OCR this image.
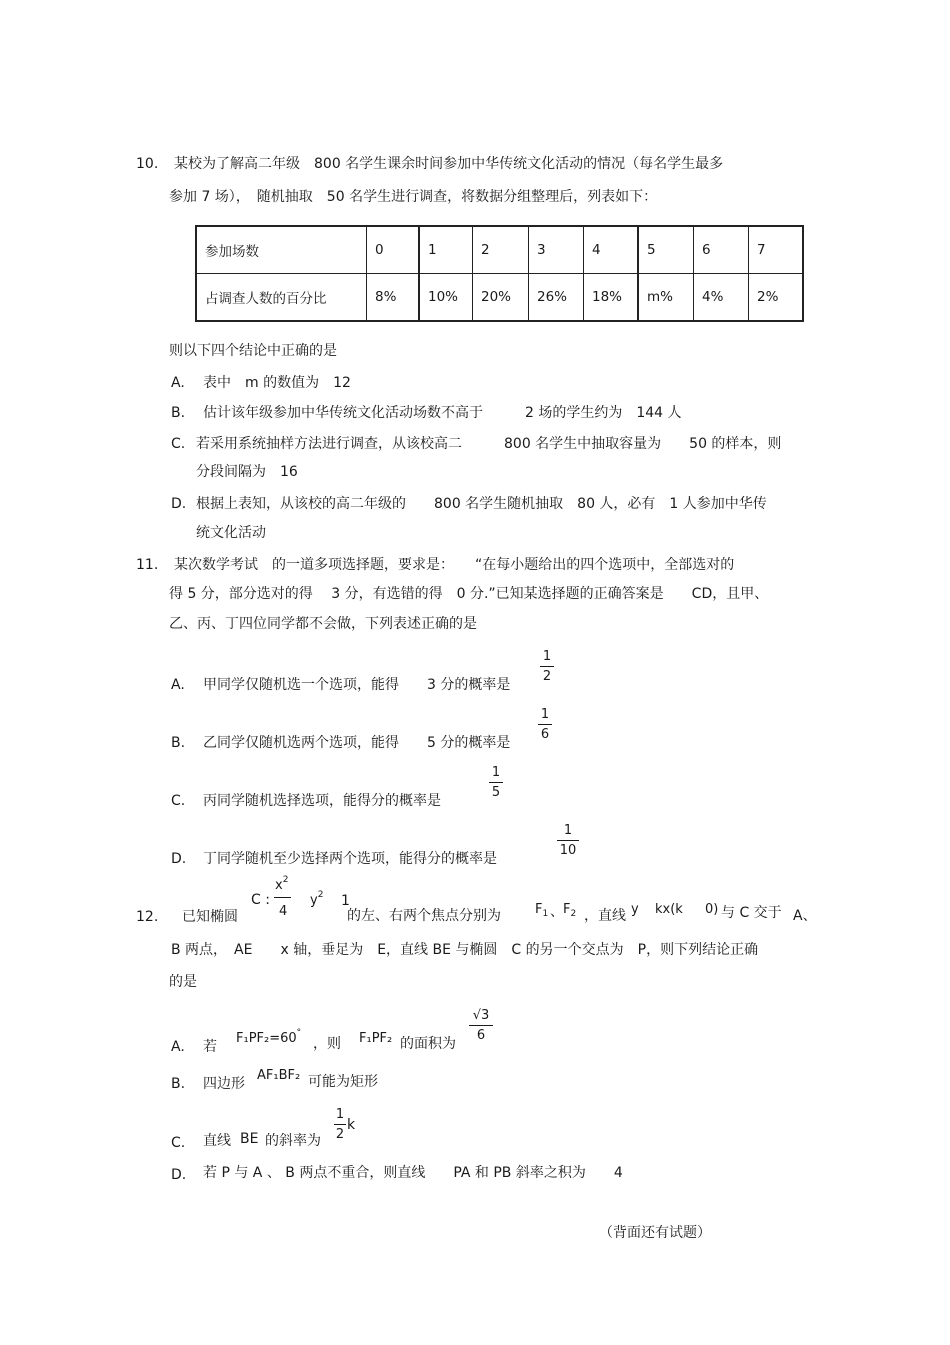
10. 某校为了解高二年级　800 名学生课余时间参加中华传统文化活动的情况（每名学生最多
参加 7 场），　随机抽取　50 名学生进行调查，将数据分组整理后，列表如下：
参加场数	0	1	2	3	4	5	6	7
占调查人数的百分比	8%	10%	20%	26%	18%	m%	4%	2%
则以下四个结论中正确的是
A. 表中　m 的数值为　12
B. 估计该年级参加中华传统文化活动场数不高于　　　2 场的学生约为　144 人
C. 若采用系统抽样方法进行调查，从该校高二　　　800 名学生中抽取容量为　　50 的样本，则
分段间隔为　16
D. 根据上表知，从该校的高二年级的　　800 名学生随机抽取　80 人，必有　1 人参加中华传
统文化活动
11. 某次数学考试　的一道多项选择题，要求是：　　“在每小题给出的四个选项中，全部选对的
得 5 分，部分选对的得　 3 分，有选错的得　0 分.”已知某选择题的正确答案是　　CD，且甲、
乙、丙、丁四位同学都不会做，下列表述正确的是
A. 甲同学仅随机选一个选项，能得　　3 分的概率是
1
2
B. 乙同学仅随机选两个选项，能得　　5 分的概率是
1
6
C. 丙同学随机选择选项，能得分的概率是
1
5
D. 丁同学随机至少选择两个选项，能得分的概率是
1
10
12. 已知椭圆
C :
$x^2$
4
$y^2$ 1
的左、右两个焦点分别为	$F_1$ 、 $F_2$ ，直线 y kx(k 0) 与 C 交于 A、
B 两点，　AE　　x 轴，垂足为　E，直线 BE 与椭圆　C 的另一个交点为　P，则下列结论正确
的是
A. 若
F₁PF₂=60°
，则 F₁PF₂ 的面积为
√3
6
B. 四边形
AF₁BF₂ 可能为矩形
C. 直线 BE 的斜率为
1
2
k
D. 若 P 与 A 、 B 两点不重合，则直线　　PA 和 PB 斜率之积为　　4
（背面还有试题）
